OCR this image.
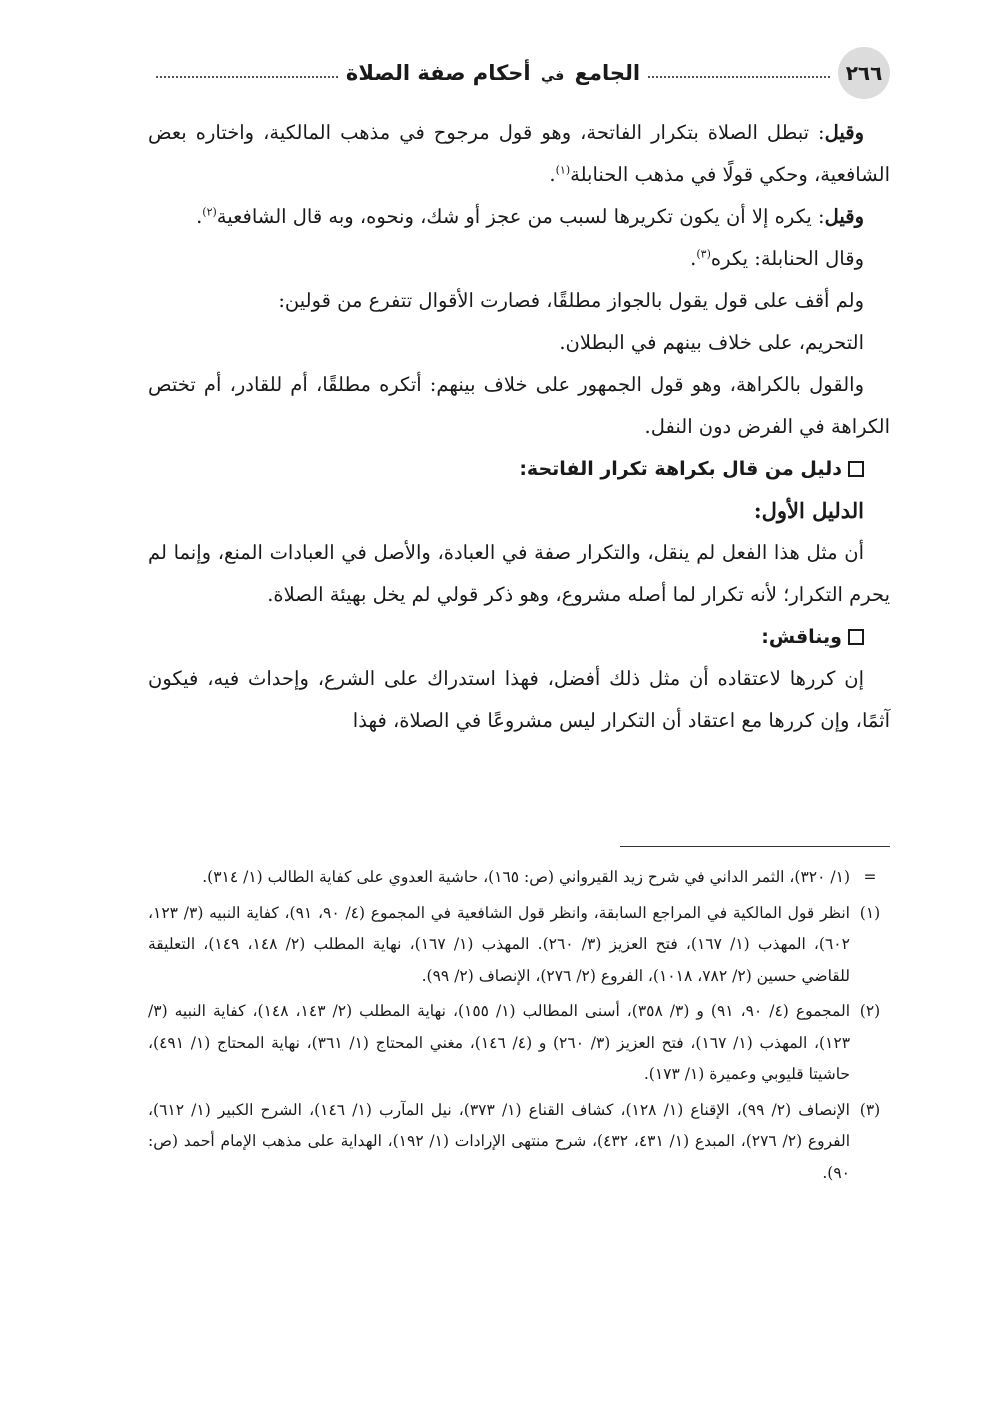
٢٦٦
الجامع في أحكام صفة الصلاة

وقيل: تبطل الصلاة بتكرار الفاتحة، وهو قول مرجوح في مذهب المالكية، واختاره بعض الشافعية، وحكي قولًا في مذهب الحنابلة$^{(١)}$.

وقيل: يكره إلا أن يكون تكريرها لسبب من عجز أو شك، ونحوه، وبه قال الشافعية$^{(٢)}$.

وقال الحنابلة: يكره$^{(٣)}$.

ولم أقف على قول يقول بالجواز مطلقًا، فصارت الأقوال تتفرع من قولين:

التحريم، على خلاف بينهم في البطلان.

والقول بالكراهة، وهو قول الجمهور على خلاف بينهم: أتكره مطلقًا، أم للقادر، أم تختص الكراهة في الفرض دون النفل.

دليل من قال بكراهة تكرار الفاتحة:
الدليل الأول:

أن مثل هذا الفعل لم ينقل، والتكرار صفة في العبادة، والأصل في العبادات المنع، وإنما لم يحرم التكرار؛ لأنه تكرار لما أصله مشروع، وهو ذكر قولي لم يخل بهيئة الصلاة.

ويناقش:

إن كررها لاعتقاده أن مثل ذلك أفضل، فهذا استدراك على الشرع، وإحداث فيه، فيكون آثمًا، وإن كررها مع اعتقاد أن التكرار ليس مشروعًا في الصلاة، فهذا

=
(١/ ٣٢٠)، الثمر الداني في شرح زيد القيرواني (ص: ١٦٥)، حاشية العدوي على كفاية الطالب (١/ ٣١٤).
(١)
انظر قول المالكية في المراجع السابقة، وانظر قول الشافعية في المجموع (٤/ ٩٠، ٩١)، كفاية النبيه (٣/ ١٢٣، ٦٠٢)، المهذب (١/ ١٦٧)، فتح العزيز (٣/ ٢٦٠). المهذب (١/ ١٦٧)، نهاية المطلب (٢/ ١٤٨، ١٤٩)، التعليقة للقاضي حسين (٢/ ٧٨٢، ١٠١٨)، الفروع (٢/ ٢٧٦)، الإنصاف (٢/ ٩٩).
(٢)
المجموع (٤/ ٩٠، ٩١) و (٣/ ٣٥٨)، أسنى المطالب (١/ ١٥٥)، نهاية المطلب (٢/ ١٤٣، ١٤٨)، كفاية النبيه (٣/ ١٢٣)، المهذب (١/ ١٦٧)، فتح العزيز (٣/ ٢٦٠) و (٤/ ١٤٦)، مغني المحتاج (١/ ٣٦١)، نهاية المحتاج (١/ ٤٩١)، حاشيتا قليوبي وعميرة (١/ ١٧٣).
(٣)
الإنصاف (٢/ ٩٩)، الإقناع (١/ ١٢٨)، كشاف القناع (١/ ٣٧٣)، نيل المآرب (١/ ١٤٦)، الشرح الكبير (١/ ٦١٢)، الفروع (٢/ ٢٧٦)، المبدع (١/ ٤٣١، ٤٣٢)، شرح منتهى الإرادات (١/ ١٩٢)، الهداية على مذهب الإمام أحمد (ص: ٩٠).
